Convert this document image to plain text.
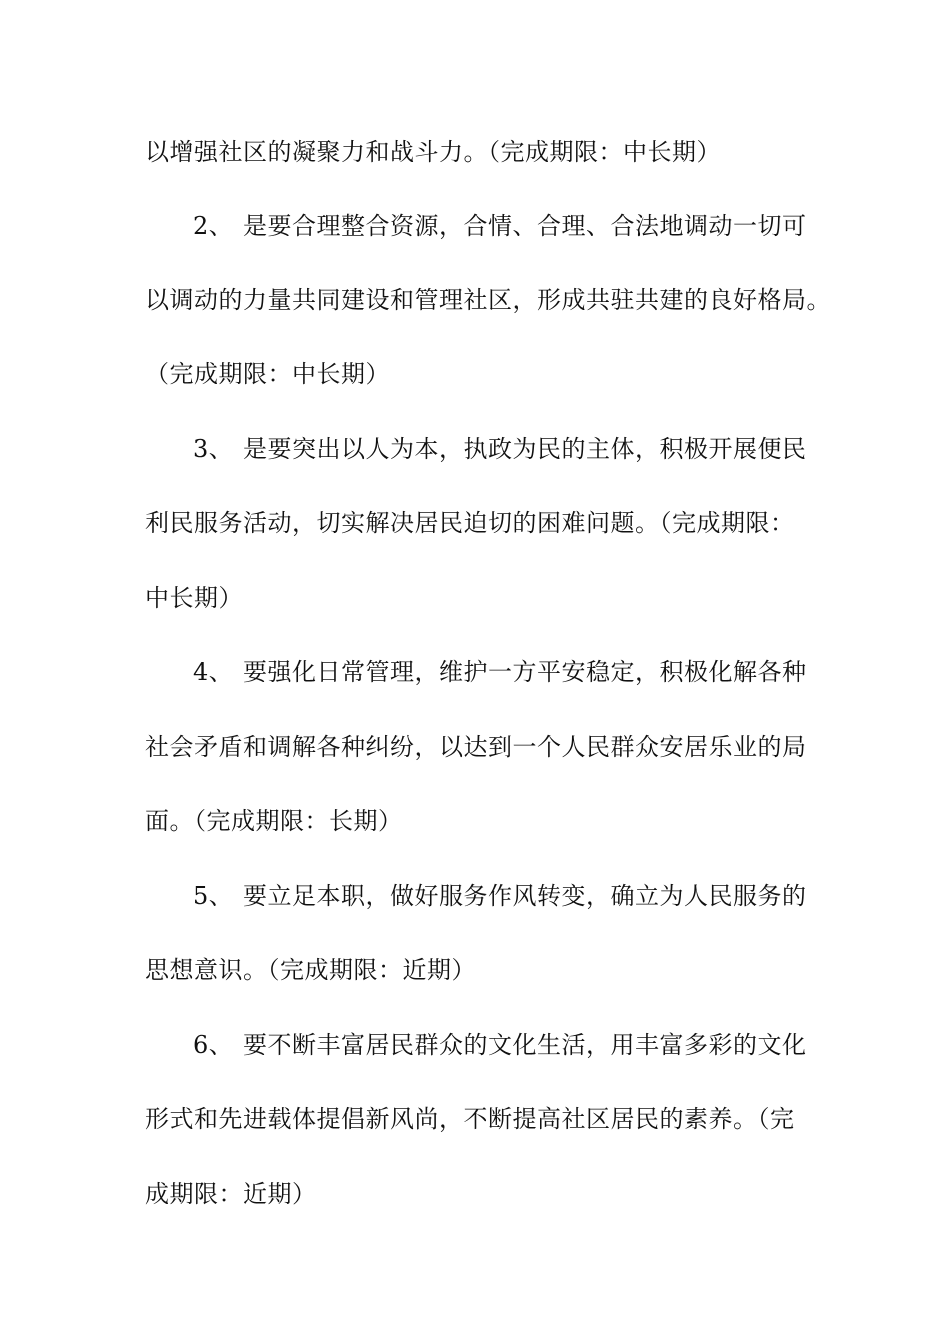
以增强社区的凝聚力和战斗力。（完成期限：中长期）
2、 是要合理整合资源，合情、合理、合法地调动一切可
以调动的力量共同建设和管理社区，形成共驻共建的良好格局。
（完成期限：中长期）
3、 是要突出以人为本，执政为民的主体，积极开展便民
利民服务活动，切实解决居民迫切的困难问题。（完成期限：
中长期）
4、 要强化日常管理，维护一方平安稳定，积极化解各种
社会矛盾和调解各种纠纷，以达到一个人民群众安居乐业的局
面。（完成期限：长期）
5、 要立足本职，做好服务作风转变，确立为人民服务的
思想意识。（完成期限：近期）
6、 要不断丰富居民群众的文化生活，用丰富多彩的文化
形式和先进载体提倡新风尚，不断提高社区居民的素养。（完
成期限：近期）
